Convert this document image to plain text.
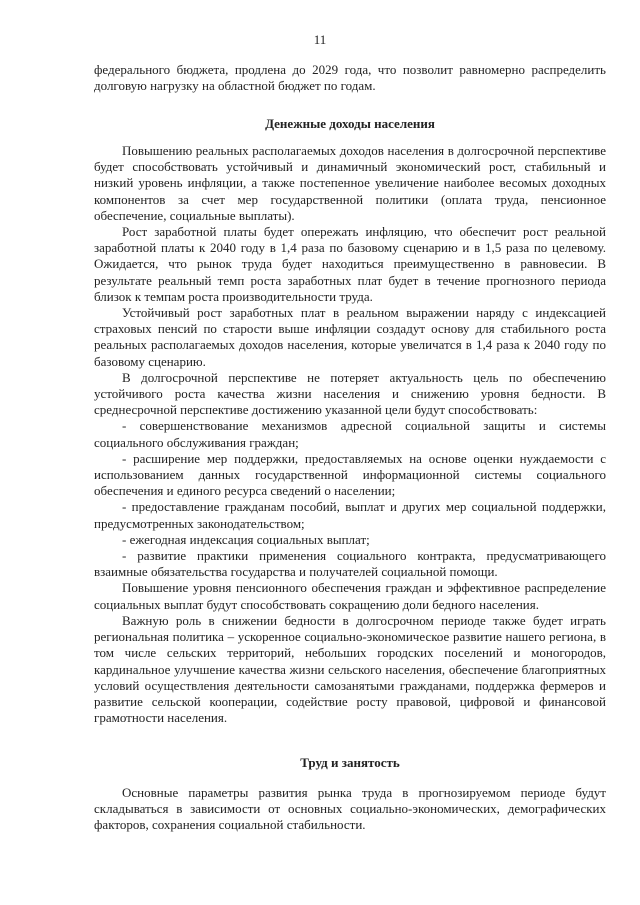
11

федерального бюджета, продлена до 2029 года, что позволит равномерно распределить долговую нагрузку на областной бюджет по годам.

Денежные доходы населения

Повышению реальных располагаемых доходов населения в долгосрочной перспективе будет способствовать устойчивый и динамичный экономический рост, стабильный и низкий уровень инфляции, а также постепенное увеличение наиболее весомых доходных компонентов за счет мер государственной политики (оплата труда, пенсионное обеспечение, социальные выплаты).

Рост заработной платы будет опережать инфляцию, что обеспечит рост реальной заработной платы к 2040 году в 1,4 раза по базовому сценарию и в 1,5 раза по целевому. Ожидается, что рынок труда будет находиться преимущественно в равновесии. В результате реальный темп роста заработных плат будет в течение прогнозного периода близок к темпам роста производительности труда.

Устойчивый рост заработных плат в реальном выражении наряду с индексацией страховых пенсий по старости выше инфляции создадут основу для стабильного роста реальных располагаемых доходов населения, которые увеличатся в 1,4 раза к 2040 году по базовому сценарию.

В долгосрочной перспективе не потеряет актуальность цель по обеспечению устойчивого роста качества жизни населения и снижению уровня бедности. В среднесрочной перспективе достижению указанной цели будут способствовать:

- совершенствование механизмов адресной социальной защиты и системы социального обслуживания граждан;

- расширение мер поддержки, предоставляемых на основе оценки нуждаемости с использованием данных государственной информационной системы социального обеспечения и единого ресурса сведений о населении;

- предоставление гражданам пособий, выплат и других мер социальной поддержки, предусмотренных законодательством;

- ежегодная индексация социальных выплат;

- развитие практики применения социального контракта, предусматривающего взаимные обязательства государства и получателей социальной помощи.

Повышение уровня пенсионного обеспечения граждан и эффективное распределение социальных выплат будут способствовать сокращению доли бедного населения.

Важную роль в снижении бедности в долгосрочном периоде также будет играть региональная политика – ускоренное социально-экономическое развитие нашего региона, в том числе сельских территорий, небольших городских поселений и моногородов, кардинальное улучшение качества жизни сельского населения, обеспечение благоприятных условий осуществления деятельности самозанятыми гражданами, поддержка фермеров и развитие сельской кооперации, содействие росту правовой, цифровой и финансовой грамотности населения.

Труд и занятость

Основные параметры развития рынка труда в прогнозируемом периоде будут складываться в зависимости от основных социально-экономических, демографических факторов, сохранения социальной стабильности.
